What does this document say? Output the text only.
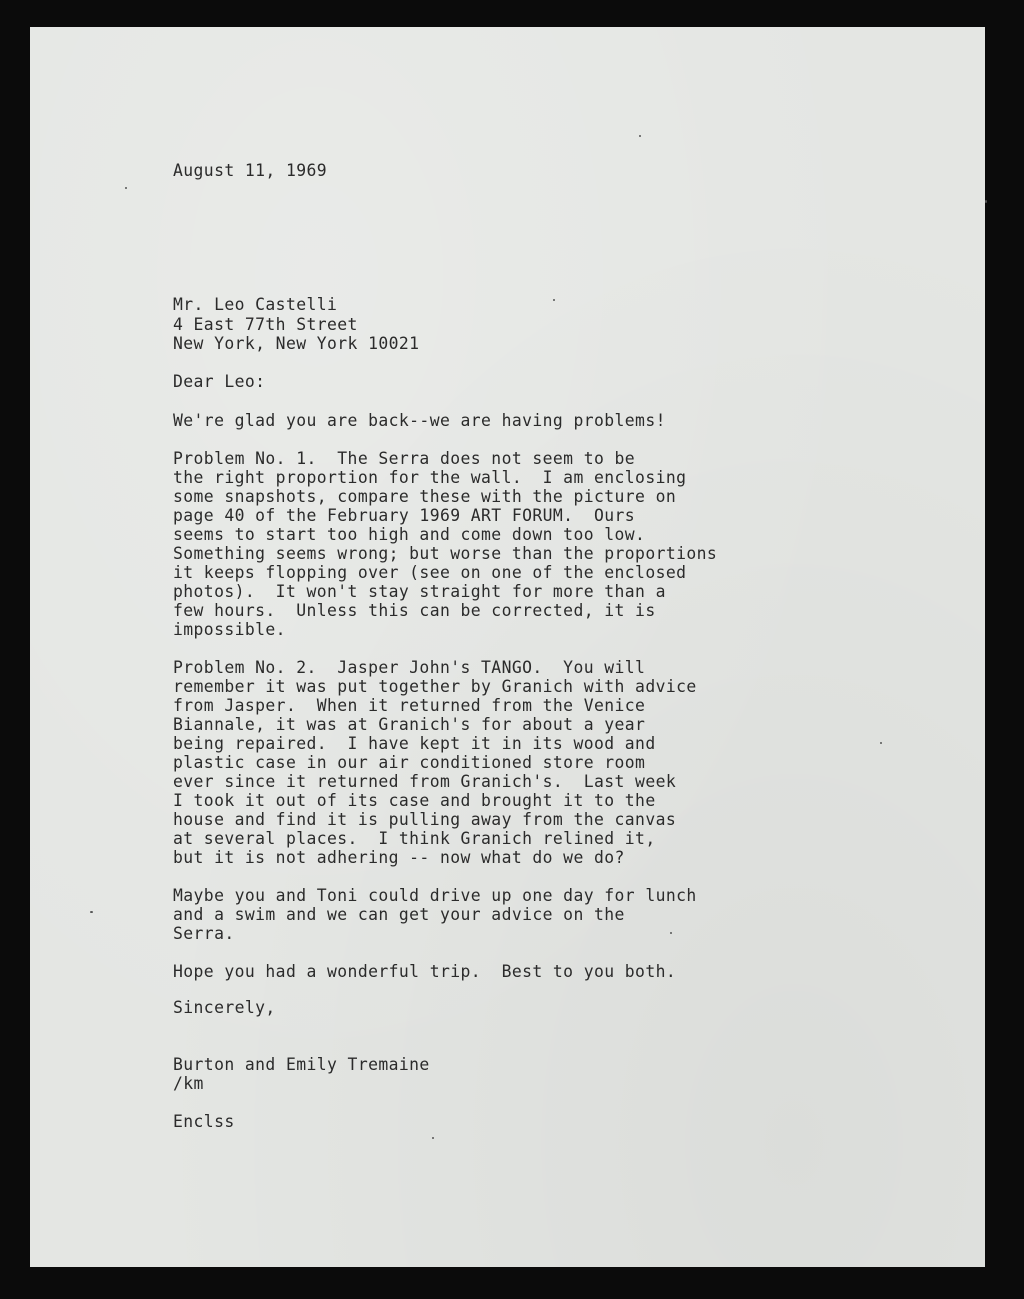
August 11, 1969

Mr. Leo Castelli

4 East 77th Street

New York, New York 10021

Dear Leo:

We're glad you are back--we are having problems!

Problem No. 1.  The Serra does not seem to be

the right proportion for the wall.  I am enclosing

some snapshots, compare these with the picture on

page 40 of the February 1969 ART FORUM.  Ours

seems to start too high and come down too low.

Something seems wrong; but worse than the proportions

it keeps flopping over (see on one of the enclosed

photos).  It won't stay straight for more than a

few hours.  Unless this can be corrected, it is

impossible.

Problem No. 2.  Jasper John's TANGO.  You will

remember it was put together by Granich with advice

from Jasper.  When it returned from the Venice

Biannale, it was at Granich's for about a year

being repaired.  I have kept it in its wood and

plastic case in our air conditioned store room

ever since it returned from Granich's.  Last week

I took it out of its case and brought it to the

house and find it is pulling away from the canvas

at several places.  I think Granich relined it,

but it is not adhering -- now what do we do?

Maybe you and Toni could drive up one day for lunch

and a swim and we can get your advice on the

Serra.

Hope you had a wonderful trip.  Best to you both.

Sincerely,

Burton and Emily Tremaine

/km

Enclss
